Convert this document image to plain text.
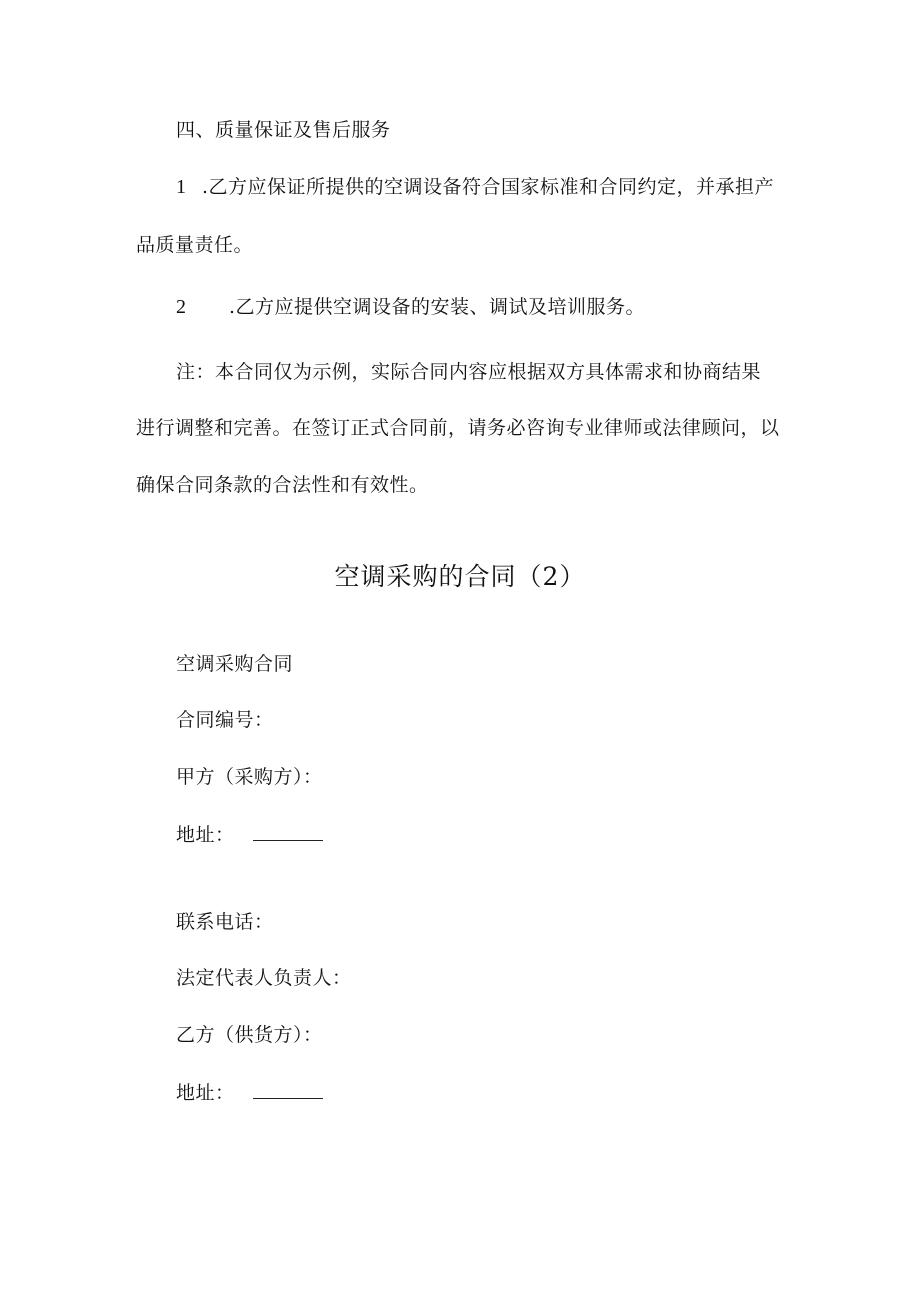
四、质量保证及售后服务
1 .乙方应保证所提供的空调设备符合国家标准和合同约定，并承担产
品质量责任。
2 .乙方应提供空调设备的安装、调试及培训服务。
注：本合同仅为示例，实际合同内容应根据双方具体需求和协商结果
进行调整和完善。在签订正式合同前，请务必咨询专业律师或法律顾问，以
确保合同条款的合法性和有效性。
空调采购的合同（2）
空调采购合同
合同编号：
甲方（采购方）：
地址：
联系电话：
法定代表人负责人：
乙方（供货方）：
地址：
